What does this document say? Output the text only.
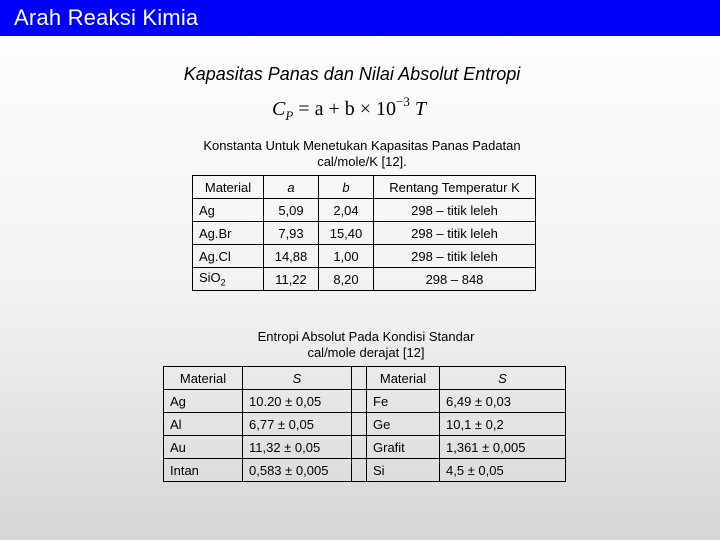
Arah Reaksi Kimia
Kapasitas Panas dan Nilai Absolut Entropi
$C_P = a + b \times 10^{-3}$ T
Konstanta Untuk Menetukan Kapasitas Panas Padatan
cal/mole/K [12].
Material	a	b	Rentang Temperatur K
Ag	5,09	2,04	298 – titik leleh
Ag.Br	7,93	15,40	298 – titik leleh
Ag.Cl	14,88	1,00	298 – titik leleh
SiO$_2$	11,22	8,20	298 – 848
Entropi Absolut Pada Kondisi Standar
cal/mole derajat [12]
Material	S		Material	S
Ag	10.20 ± 0,05		Fe	6,49 ± 0,03
Al	6,77 ± 0,05		Ge	10,1 ± 0,2
Au	11,32 ± 0,05		Grafit	1,361 ± 0,005
Intan	0,583 ± 0,005		Si	4,5 ± 0,05
